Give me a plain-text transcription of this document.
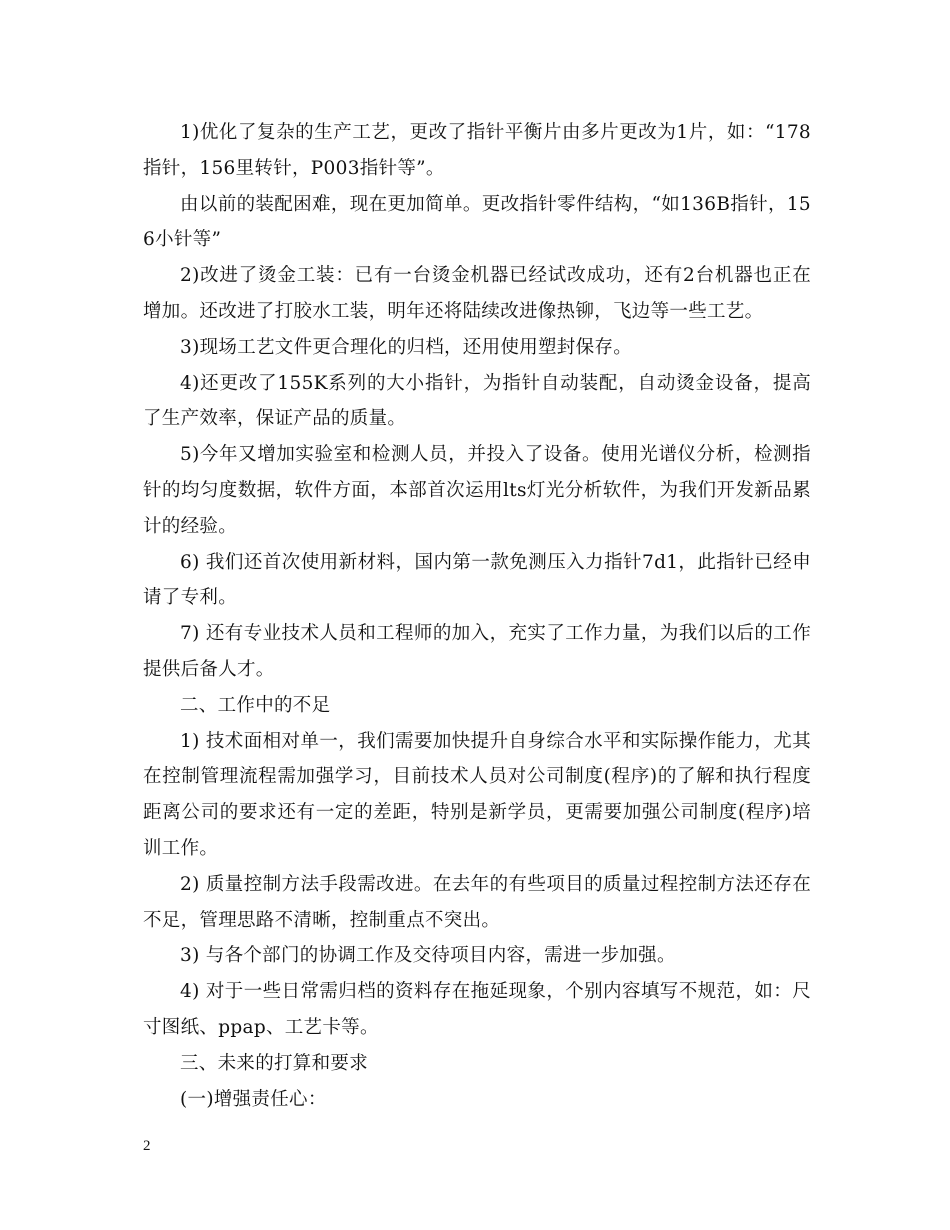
1)优化了复杂的生产工艺，更改了指针平衡片由多片更改为1片，如：“178指针，156里转针，P003指针等”。

由以前的装配困难，现在更加简单。更改指针零件结构，“如136B指针，156小针等”

2)改进了烫金工装：已有一台烫金机器已经试改成功，还有2台机器也正在增加。还改进了打胶水工装，明年还将陆续改进像热铆，飞边等一些工艺。

3)现场工艺文件更合理化的归档，还用使用塑封保存。

4)还更改了155K系列的大小指针，为指针自动装配，自动烫金设备，提高了生产效率，保证产品的质量。

5)今年又增加实验室和检测人员，并投入了设备。使用光谱仪分析，检测指针的均匀度数据，软件方面，本部首次运用lts灯光分析软件，为我们开发新品累计的经验。

6) 我们还首次使用新材料，国内第一款免测压入力指针7d1，此指针已经申请了专利。

7) 还有专业技术人员和工程师的加入，充实了工作力量，为我们以后的工作提供后备人才。

二、工作中的不足

1) 技术面相对单一，我们需要加快提升自身综合水平和实际操作能力，尤其在控制管理流程需加强学习，目前技术人员对公司制度(程序)的了解和执行程度距离公司的要求还有一定的差距，特别是新学员，更需要加强公司制度(程序)培训工作。

2) 质量控制方法手段需改进。在去年的有些项目的质量过程控制方法还存在不足，管理思路不清晰，控制重点不突出。

3) 与各个部门的协调工作及交待项目内容，需进一步加强。

4) 对于一些日常需归档的资料存在拖延现象，个别内容填写不规范，如：尺寸图纸、ppap、工艺卡等。

三、未来的打算和要求

(一)增强责任心：

2
